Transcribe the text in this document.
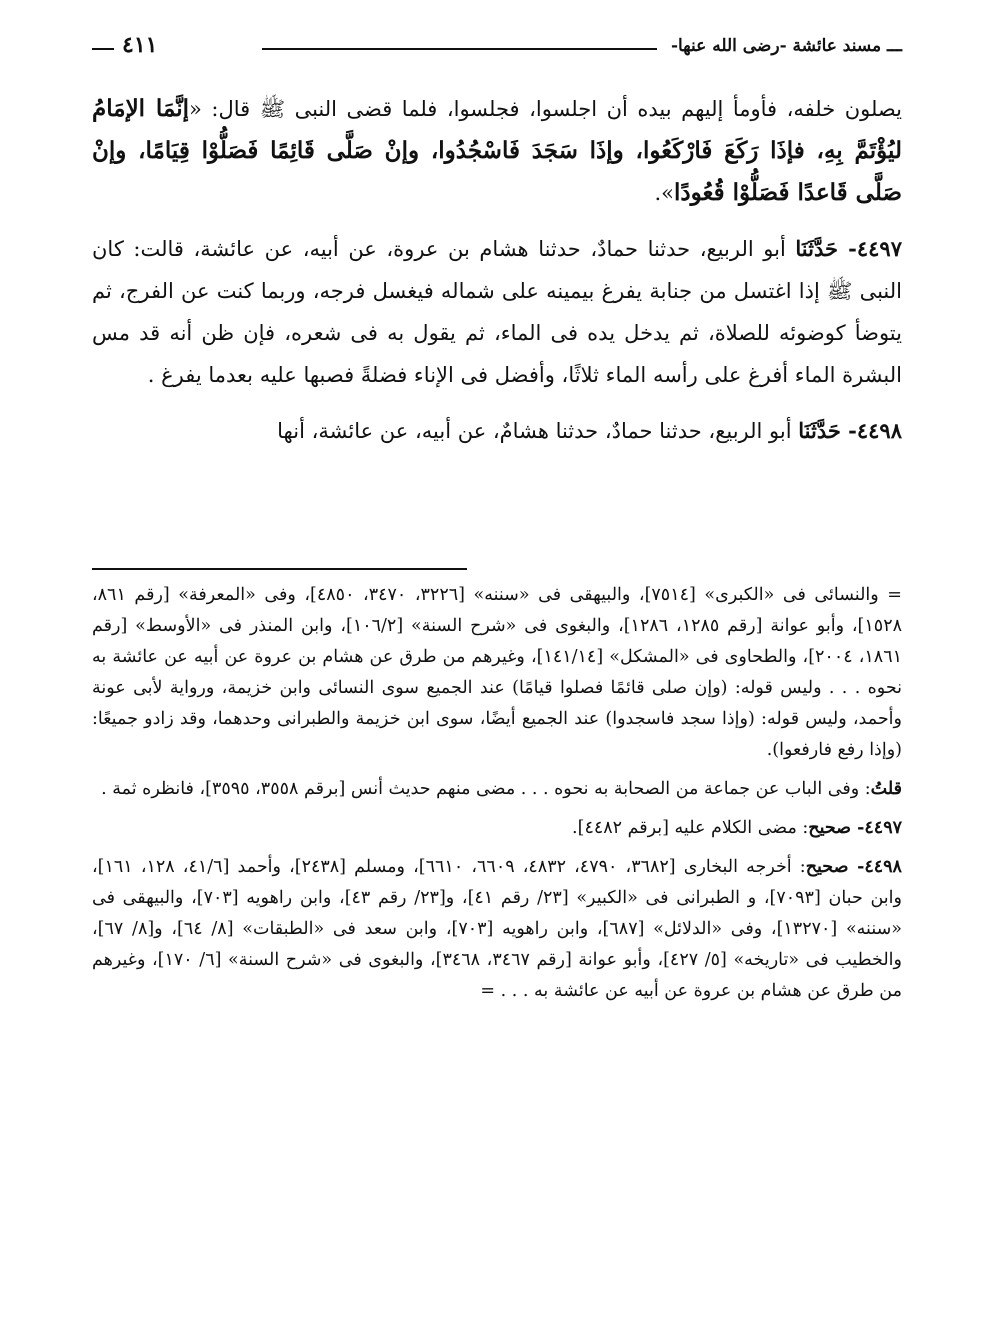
ـــ مسند عائشة -رضى الله عنها-
٤١١

يصلون خلفه، فأومأ إليهم بيده أن اجلسوا، فجلسوا، فلما قضى النبى ﷺ قال: «إنَّمَا الإمَامُ ليُؤْتَمَّ بِهِ، فإذَا رَكَعَ فَارْكَعُوا، وإذَا سَجَدَ فَاسْجُدُوا، وإنْ صَلَّى قَائِمًا فَصَلُّوْا قِيَامًا، وإنْ صَلَّى قَاعدًا فَصَلُّوْا قُعُودًا».

٤٤٩٧- حَدَّثَنَا أبو الربيع، حدثنا حمادٌ، حدثنا هشام بن عروة، عن أبيه، عن عائشة، قالت: كان النبى ﷺ إذا اغتسل من جنابة يفرغ بيمينه على شماله فيغسل فرجه، وربما كنت عن الفرج، ثم يتوضأ كوضوئه للصلاة، ثم يدخل يده فى الماء، ثم يقول به فى شعره، فإن ظن أنه قد مس البشرة الماء أفرغ على رأسه الماء ثلاثًا، وأفضل فى الإناء فضلةً فصبها عليه بعدما يفرغ .

٤٤٩٨- حَدَّثَنَا أبو الربيع، حدثنا حمادٌ، حدثنا هشامٌ، عن أبيه، عن عائشة، أنها

= والنسائى فى «الكبرى» [٧٥١٤]، والبيهقى فى «سننه» [٣٢٢٦، ٣٤٧٠، ٤٨٥٠]، وفى «المعرفة» [رقم ٨٦١، ١٥٢٨]، وأبو عوانة [رقم ١٢٨٥، ١٢٨٦]، والبغوى فى «شرح السنة» [١٠٦/٢]، وابن المنذر فى «الأوسط» [رقم ١٨٦١، ٢٠٠٤]، والطحاوى فى «المشكل» [١٤١/١٤]، وغيرهم من طرق عن هشام بن عروة عن أبيه عن عائشة به نحوه . . . وليس قوله: (وإن صلى قائمًا فصلوا قيامًا) عند الجميع سوى النسائى وابن خزيمة، ورواية لأبى عونة وأحمد، وليس قوله: (وإذا سجد فاسجدوا) عند الجميع أيضًا، سوى ابن خزيمة والطبرانى وحدهما، وقد زادو جميعًا: (وإذا رفع فارفعوا).

قلتُ: وفى الباب عن جماعة من الصحابة به نحوه . . . مضى منهم حديث أنس [برقم ٣٥٥٨، ٣٥٩٥]، فانظره ثمة .

٤٤٩٧- صحيح: مضى الكلام عليه [برقم ٤٤٨٢].

٤٤٩٨- صحيح: أخرجه البخارى [٣٦٨٢، ٤٧٩٠، ٤٨٣٢، ٦٦٠٩، ٦٦١٠]، ومسلم [٢٤٣٨]، وأحمد [٤١/٦، ١٢٨، ١٦١]، وابن حبان [٧٠٩٣]، و الطبرانى فى «الكبير» [٢٣/ رقم ٤١]، و[٢٣/ رقم ٤٣]، وابن راهويه [٧٠٣]، والبيهقى فى «سننه» [١٣٢٧٠]، وفى «الدلائل» [٦٨٧]، وابن راهويه [٧٠٣]، وابن سعد فى «الطبقات» [٨/ ٦٤]، و[٨/ ٦٧]، والخطيب فى «تاريخه» [٥/ ٤٢٧]، وأبو عوانة [رقم ٣٤٦٧، ٣٤٦٨]، والبغوى فى «شرح السنة» [٦/ ١٧٠]، وغيرهم من طرق عن هشام بن عروة عن أبيه عن عائشة به . . . =
